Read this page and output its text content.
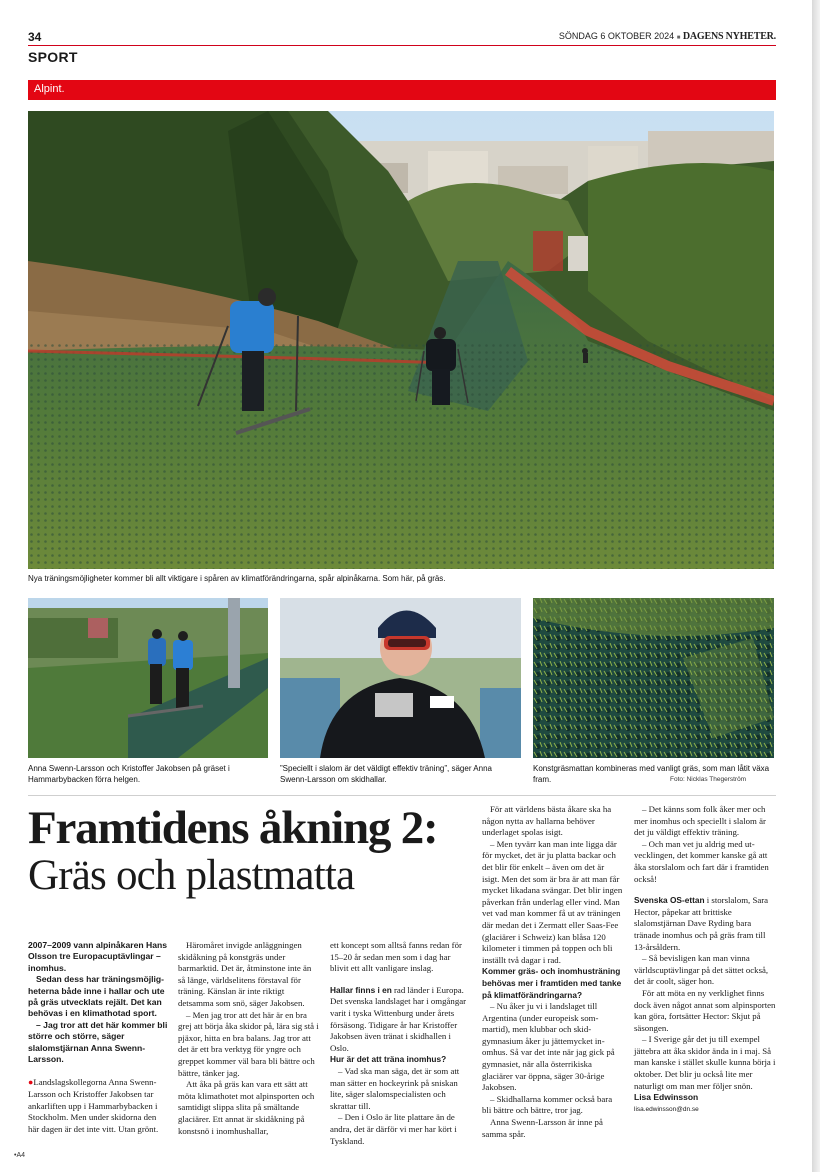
34	SÖNDAG 6 OKTOBER 2024 ■ DAGENS NYHETER.
SPORT
Alpint.
Nya träningsmöjligheter kommer bli allt viktigare i spåren av klimatförändringarna, spår alpinåkarna. Som här, på gräs.
Anna Swenn-Larsson och Kristoffer Jakobsen på gräset i Hammarbybacken förra helgen.
”Speciellt i slalom är det väldigt effektiv träning”, säger Anna Swenn-Larsson om skidhallar.
Konstgräsmattan kombineras med vanligt gräs, som man låtit växa fram.	Foto: Nicklas Thegerström
Framtidens åkning 2:
Gräs och plastmatta

2007–2009 vann alpinåkaren Hans Olsson tre Europacuptävlingar – inomhus.

Sedan dess har träningsmöjligheterna både inne i hallar och ute på gräs utvecklats rejält. Det kan behövas i en klimathotad sport.

– Jag tror att det här kommer bli större och större, säger slalomstjärnan Anna Swenn-Larsson.

●Landslagskollegorna Anna Swenn-Larsson och Kristoffer Jakobsen tar ankarliften upp i Hammarbybacken i Stockholm. Men under skidorna den här dagen är det inte vitt. Utan grönt.

Häromåret invigde anläggningen skidåkning på konstgräs under barmarktid. Det är, åtminstone inte än så länge, världselitens förstaval för träning. Känslan är inte riktigt detsamma som snö, säger Jakobsen.

– Men jag tror att det här är en bra grej att börja åka skidor på, lära sig stå i pjäxor, hitta en bra balans. Jag tror att det är ett bra verktyg för yngre och greppet kommer väl bara bli bättre och bättre, tänker jag.

Att åka på gräs kan vara ett sätt att möta klimathotet mot alpinsporten och samtidigt slippa slita på smältande glaciärer. Ett annat är skidåkning på konstsnö i inomhushallar,

ett koncept som alltså fanns redan för 15–20 år sedan men som i dag har blivit ett allt vanligare inslag.

Hallar finns i en rad länder i Europa. Det svenska landslaget har i omgångar varit i tyska Wittenburg under årets försäsong. Tidigare år har Kristoffer Jakobsen även tränat i skidhallen i Oslo.

Hur är det att träna inomhus?

– Vad ska man säga, det är som att man sätter en hockeyrink på sniskan lite, säger slalomspecialisten och skrattar till.

– Den i Oslo är lite plattare än de andra, det är därför vi mer har kört i Tyskland.

För att världens bästa åkare ska ha någon nytta av hallarna behöver underlaget spolas isigt.

– Men tyvärr kan man inte ligga där för mycket, det är ju platta backar och det blir för enkelt – även om det är isigt. Men det som är bra är att man får mycket likadana svängar. Det blir ingen påverkan från underlag eller vind. Man vet vad man kommer få ut av träningen där medan det i Zermatt eller Saas-Fee (glaciärer i Schweiz) kan blåsa 120 kilometer i timmen på toppen och bli inställt två dagar i rad.

Kommer gräs- och inomhusträning behövas mer i framtiden med tanke på klimatförändringarna?

– Nu åker ju vi i landslaget till Argentina (under europeisk sommartid), men klubbar och skidgymnasium åker ju jättemycket inomhus. Så var det inte när jag gick på gymnasiet, när alla österrikiska glaciärer var öppna, säger 30-årige Jakobsen.

– Skidhallarna kommer också bara bli bättre och bättre, tror jag.

Anna Swenn-Larsson är inne på samma spår.

– Det känns som folk åker mer och mer inomhus och speciellt i slalom är det ju väldigt effektiv träning.

– Och man vet ju aldrig med utvecklingen, det kommer kanske gå att åka storslalom och fart där i framtiden också!

Svenska OS-ettan i storslalom, Sara Hector, påpekar att brittiske slalomstjärnan Dave Ryding bara tränade inomhus och på gräs fram till 13-årsåldern.

– Så bevisligen kan man vinna världscuptävlingar på det sättet också, det är coolt, säger hon.

För att möta en ny verklighet finns dock även något annat som alpinsporten kan göra, fortsätter Hector: Skjut på säsongen.

– I Sverige går det ju till exempel jättebra att åka skidor ända in i maj. Så man kanske i stället skulle kunna börja i oktober. Det blir ju också lite mer naturligt om man mer följer snön.

Lisa Edwinsson

lisa.edwinsson@dn.se

•A4
